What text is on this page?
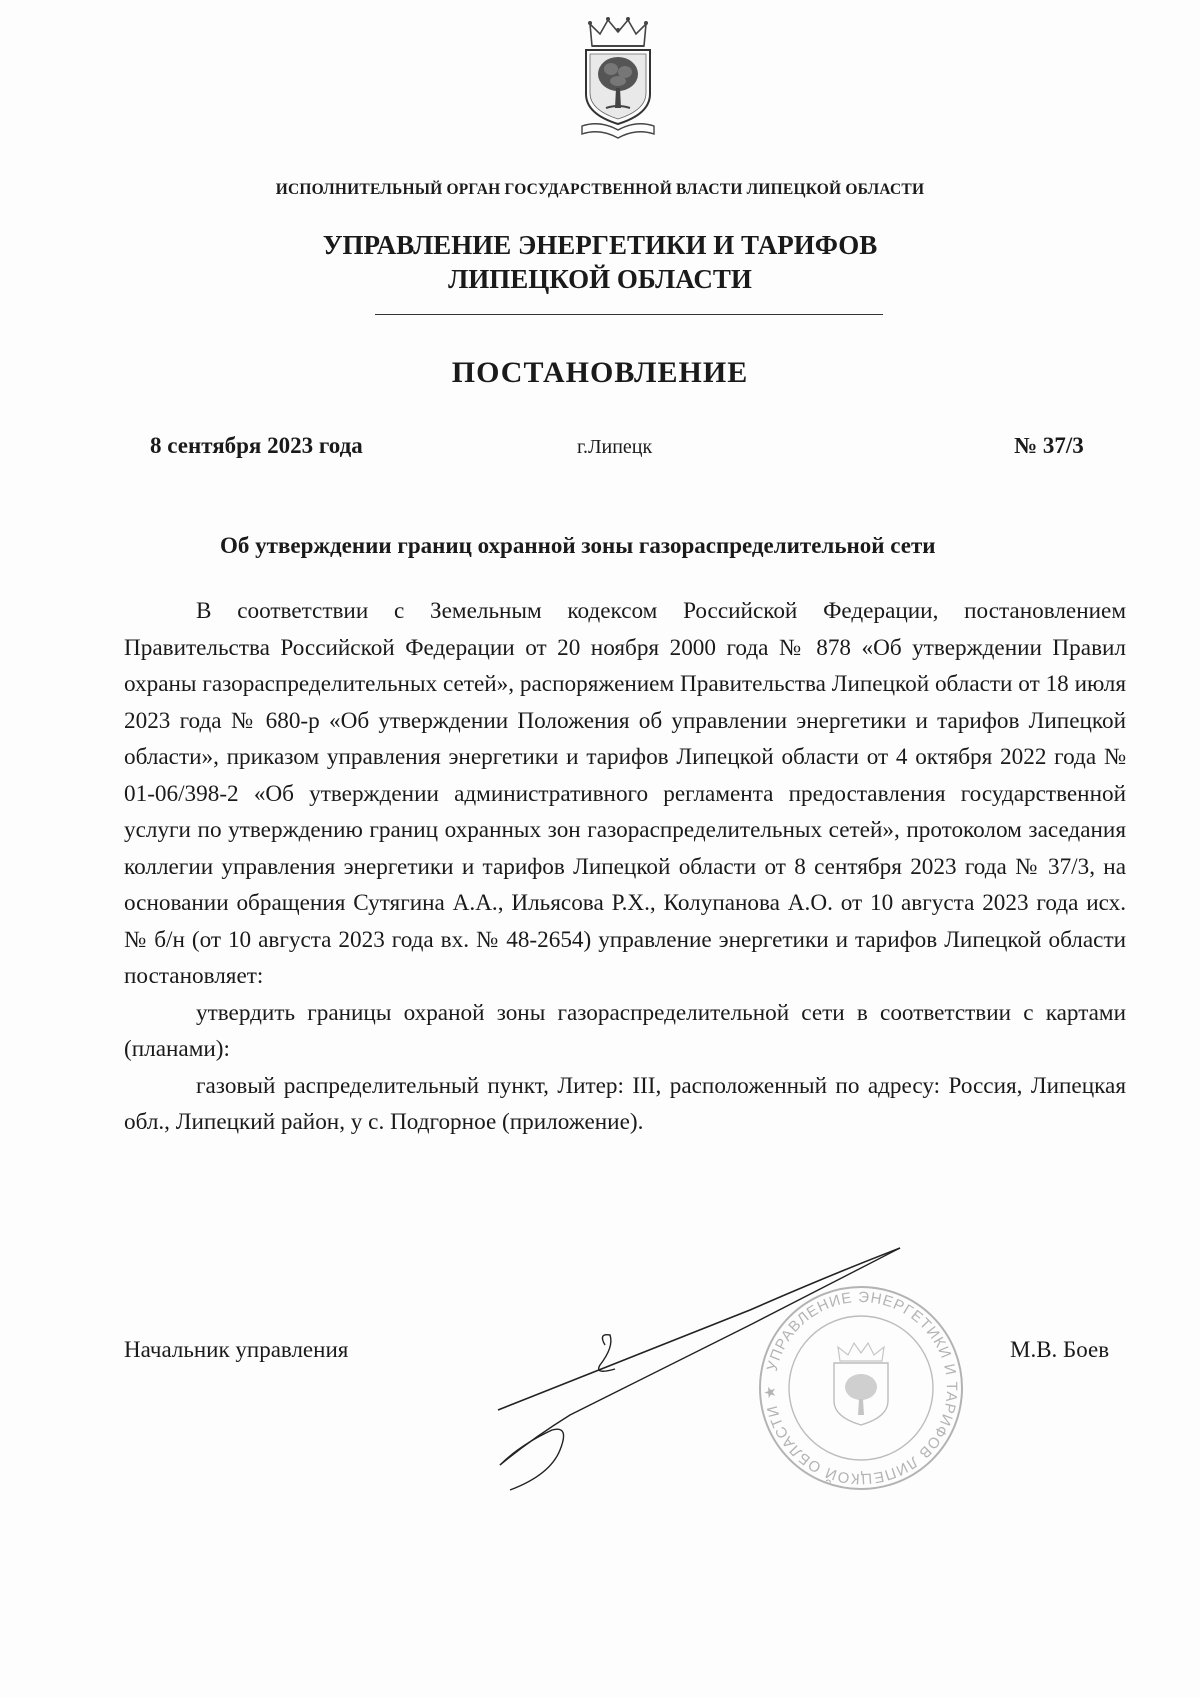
ИСПОЛНИТЕЛЬНЫЙ ОРГАН ГОСУДАРСТВЕННОЙ ВЛАСТИ ЛИПЕЦКОЙ ОБЛАСТИ
УПРАВЛЕНИЕ ЭНЕРГЕТИКИ И ТАРИФОВ
ЛИПЕЦКОЙ ОБЛАСТИ
ПОСТАНОВЛЕНИЕ
8 сентября 2023 года	г.Липецк	№ 37/3
Об утверждении границ охранной зоны газораспределительной сети

В соответствии с Земельным кодексом Российской Федерации, постановлением Правительства Российской Федерации от 20 ноября 2000 года № 878 «Об утверждении Правил охраны газораспределительных сетей», распоряжением Правительства Липецкой области от 18 июля 2023 года № 680-р «Об утверждении Положения об управлении энергетики и тарифов Липецкой области», приказом управления энергетики и тарифов Липецкой области от 4 октября 2022 года № 01-06/398-2 «Об утверждении административного регламента предоставления государственной услуги по утверждению границ охранных зон газораспределительных сетей», протоколом заседания коллегии управления энергетики и тарифов Липецкой области от 8 сентября 2023 года № 37/3, на основании обращения Сутягина А.А., Ильясова Р.Х., Колупанова А.О. от 10 августа 2023 года исх. № б/н (от 10 августа 2023 года вх. № 48-2654) управление энергетики и тарифов Липецкой области постановляет:

утвердить границы охраной зоны газораспределительной сети в соответствии с картами (планами):

газовый распределительный пункт, Литер: III, расположенный по адресу: Россия, Липецкая обл., Липецкий район, у с. Подгорное (приложение).

УПРАВЛЕНИЕ ЭНЕРГЕТИКИ И ТАРИФОВ ЛИПЕЦКОЙ ОБЛАСТИ ★
Начальник управления	М.В. Боев
